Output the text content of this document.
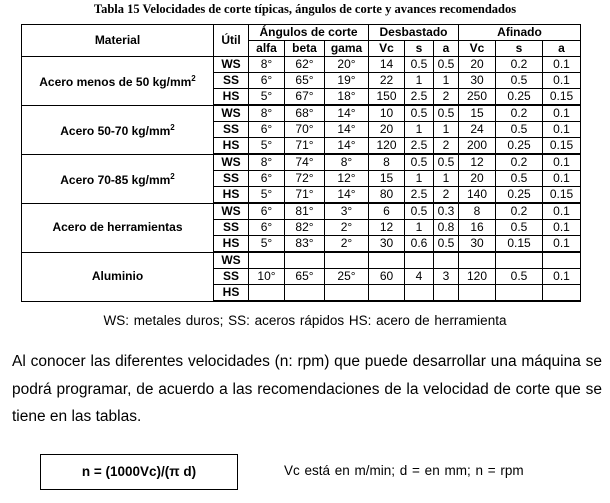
Tabla 15 Velocidades de corte típicas, ángulos de corte y avances recomendados
Material	Útil	Ángulos de corte			Desbastado			Afinado		
		alfa	beta	gama	Vc	s	a	Vc	s	a
Acero menos de 50 $kg/mm^2$	WS	8°	62°	20°	14	0.5	0.5	20	0.2	0.1
	SS	6°	65°	19°	22	1	1	30	0.5	0.1
	HS	5°	67°	18°	150	2.5	2	250	0.25	0.15
Acero 50-70 $kg/mm^2$	WS	8°	68°	14°	10	0.5	0.5	15	0.2	0.1
	SS	6°	70°	14°	20	1	1	24	0.5	0.1
	HS	5°	71°	14°	120	2.5	2	200	0.25	0.15
Acero 70-85 $kg/mm^2$	WS	8°	74°	8°	8	0.5	0.5	12	0.2	0.1
	SS	6°	72°	12°	15	1	1	20	0.5	0.1
	HS	5°	71°	14°	80	2.5	2	140	0.25	0.15
Acero de herramientas	WS	6°	81°	3°	6	0.5	0.3	8	0.2	0.1
	SS	6°	82°	2°	12	1	0.8	16	0.5	0.1
	HS	5°	83°	2°	30	0.6	0.5	30	0.15	0.1
Aluminio	WS									
	SS	10°	65°	25°	60	4	3	120	0.5	0.1
	HS									
WS: metales duros; SS: aceros rápidos HS: acero de herramienta

Al conocer las diferentes velocidades (n: rpm) que puede desarrollar una máquina se podrá programar, de acuerdo a las recomendaciones de la velocidad de corte que se tiene en las tablas.

n = (1000Vc)/(π d)	Vc está en m/min; d = en mm; n = rpm
